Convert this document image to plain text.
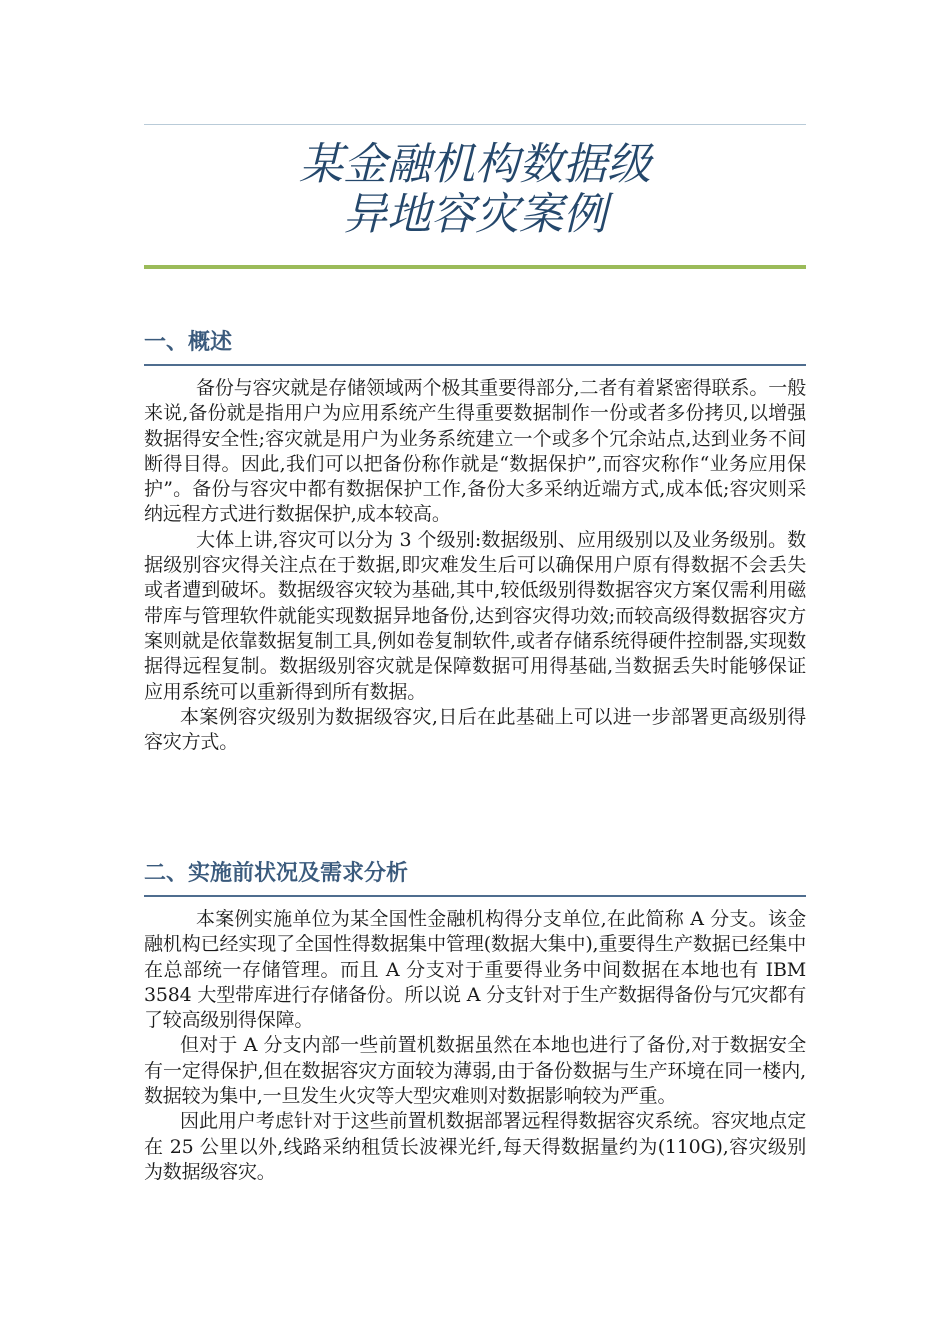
某金融机构数据级
异地容灾案例
一、概述

备份与容灾就是存储领域两个极其重要得部分,二者有着紧密得联系。一般来说,备份就是指用户为应用系统产生得重要数据制作一份或者多份拷贝,以增强数据得安全性;容灾就是用户为业务系统建立一个或多个冗余站点,达到业务不间断得目得。因此,我们可以把备份称作就是“数据保护”,而容灾称作“业务应用保护”。备份与容灾中都有数据保护工作,备份大多采纳近端方式,成本低;容灾则采纳远程方式进行数据保护,成本较高。

大体上讲,容灾可以分为 3 个级别:数据级别、应用级别以及业务级别。数据级别容灾得关注点在于数据,即灾难发生后可以确保用户原有得数据不会丢失或者遭到破坏。数据级容灾较为基础,其中,较低级别得数据容灾方案仅需利用磁带库与管理软件就能实现数据异地备份,达到容灾得功效;而较高级得数据容灾方案则就是依靠数据复制工具,例如卷复制软件,或者存储系统得硬件控制器,实现数据得远程复制。数据级别容灾就是保障数据可用得基础,当数据丢失时能够保证应用系统可以重新得到所有数据。

本案例容灾级别为数据级容灾,日后在此基础上可以进一步部署更高级别得容灾方式。

二、实施前状况及需求分析

本案例实施单位为某全国性金融机构得分支单位,在此简称 A 分支。该金融机构已经实现了全国性得数据集中管理(数据大集中),重要得生产数据已经集中在总部统一存储管理。而且 A 分支对于重要得业务中间数据在本地也有 IBM 3584 大型带库进行存储备份。所以说 A 分支针对于生产数据得备份与冗灾都有了较高级别得保障。

但对于 A 分支内部一些前置机数据虽然在本地也进行了备份,对于数据安全有一定得保护,但在数据容灾方面较为薄弱,由于备份数据与生产环境在同一楼内,数据较为集中,一旦发生火灾等大型灾难则对数据影响较为严重。

因此用户考虑针对于这些前置机数据部署远程得数据容灾系统。容灾地点定在 25 公里以外,线路采纳租赁长波裸光纤,每天得数据量约为(110G),容灾级别为数据级容灾。
